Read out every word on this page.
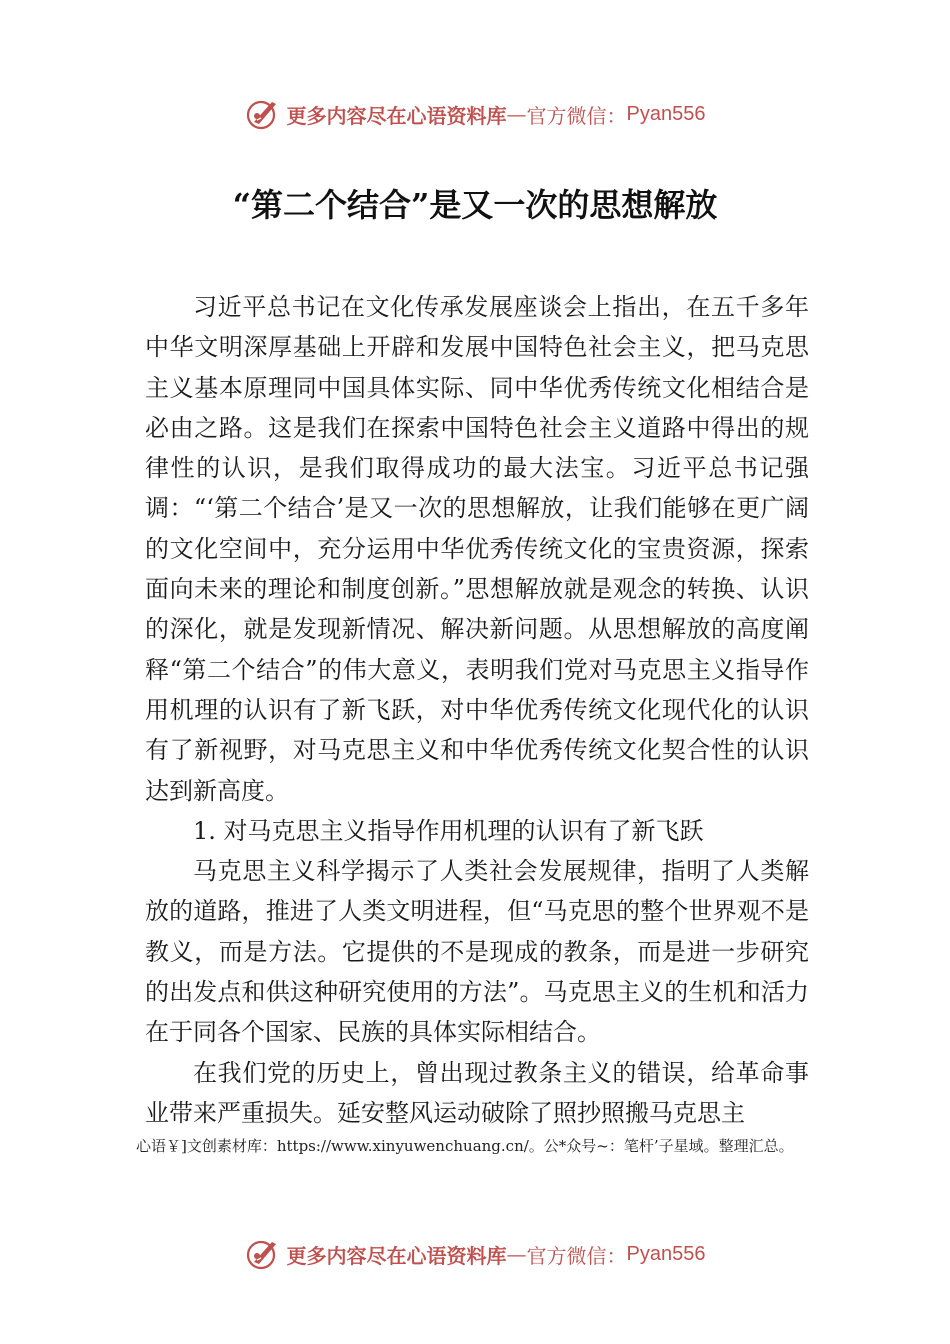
更多内容尽在心语资料库 — 官方微信： Pyan556
“第二个结合”是又一次的思想解放

习近平总书记在文化传承发展座谈会上指出，在五千多年中华文明深厚基础上开辟和发展中国特色社会主义，把马克思主义基本原理同中国具体实际、同中华优秀传统文化相结合是必由之路。这是我们在探索中国特色社会主义道路中得出的规律性的认识，是我们取得成功的最大法宝。习近平总书记强调：“‘第二个结合’是又一次的思想解放，让我们能够在更广阔的文化空间中，充分运用中华优秀传统文化的宝贵资源，探索面向未来的理论和制度创新。”思想解放就是观念的转换、认识的深化，就是发现新情况、解决新问题。从思想解放的高度阐释“第二个结合”的伟大意义，表明我们党对马克思主义指导作用机理的认识有了新飞跃，对中华优秀传统文化现代化的认识有了新视野，对马克思主义和中华优秀传统文化契合性的认识达到新高度。

1. 对马克思主义指导作用机理的认识有了新飞跃

马克思主义科学揭示了人类社会发展规律，指明了人类解放的道路，推进了人类文明进程，但“马克思的整个世界观不是教义，而是方法。它提供的不是现成的教条，而是进一步研究的出发点和供这种研究使用的方法”。马克思主义的生机和活力在于同各个国家、民族的具体实际相结合。

在我们党的历史上，曾出现过教条主义的错误，给革命事业带来严重损失。延安整风运动破除了照抄照搬马克思主

心语￥]文创素材库：https://www.xinyuwenchuang.cn/。公*众号~：笔杆’子星域。整理汇总。
更多内容尽在心语资料库 — 官方微信： Pyan556
